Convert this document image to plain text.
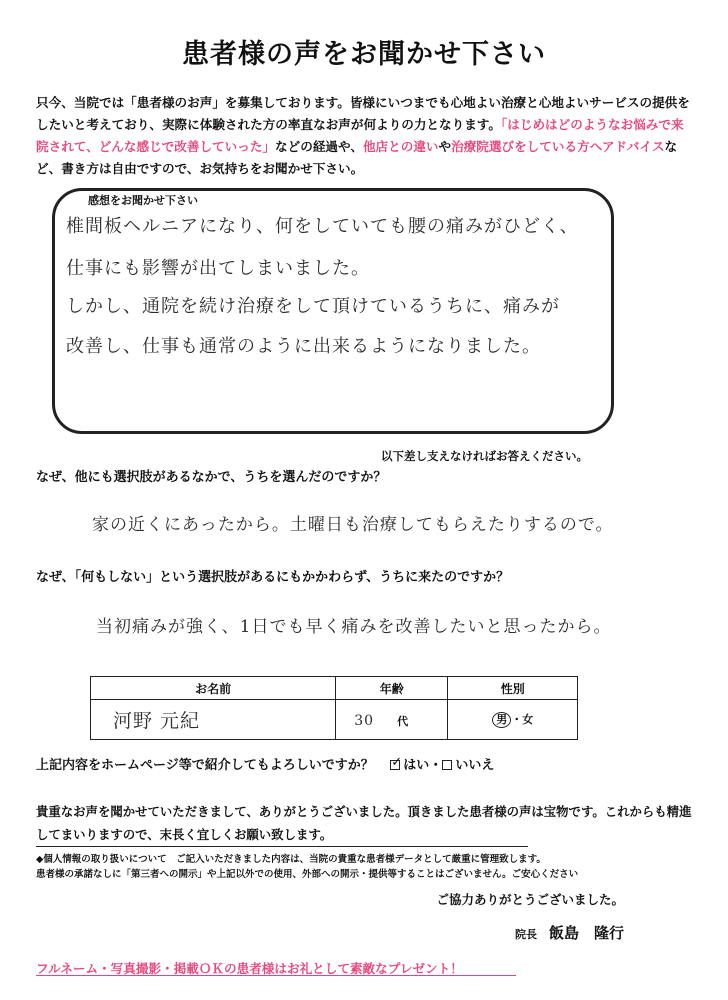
患者様の声をお聞かせ下さい
只今、当院では「患者様のお声」を募集しております。皆様にいつまでも心地よい治療と心地よいサービスの提供をしたいと考えており、実際に体験された方の率直なお声が何よりの力となります。「はじめはどのようなお悩みで来院されて、どんな感じで改善していった」などの経過や、他店との違いや治療院選びをしている方へアドバイスなど、書き方は自由ですので、お気持ちをお聞かせ下さい。
感想をお聞かせ下さい
椎間板ヘルニアになり、何をしていても腰の痛みがひどく、
仕事にも影響が出てしまいました。
しかし、通院を続け治療をして頂けているうちに、痛みが
改善し、仕事も通常のように出来るようになりました。
以下差し支えなければお答えください。
なぜ、他にも選択肢があるなかで、うちを選んだのですか？
家の近くにあったから。土曜日も治療してもらえたりするので。
なぜ、「何もしない」という選択肢があるにもかかわらず、うちに来たのですか？
当初痛みが強く、1日でも早く痛みを改善したいと思ったから。
お名前	年齢	性別
河野 元紀	30 代	男 ・女
上記内容をホームページ等で紹介してもよろしいですか？ ✓ はい・ いいえ
貴重なお声を聞かせていただきまして、ありがとうございました。頂きました患者様の声は宝物です。これからも精進してまいりますので、末長く宜しくお願い致します。
◆個人情報の取り扱いについて　ご記入いただきました内容は、当院の貴重な患者様データとして厳重に管理致します。
患者様の承諾なしに「第三者への開示」や上記以外での使用、外部への開示・提供等することはございません。ご安心ください
ご協力ありがとうございました。
院長 飯島　隆行
フルネーム・写真撮影・掲載ＯＫの患者様はお礼として素敵なプレゼント！
